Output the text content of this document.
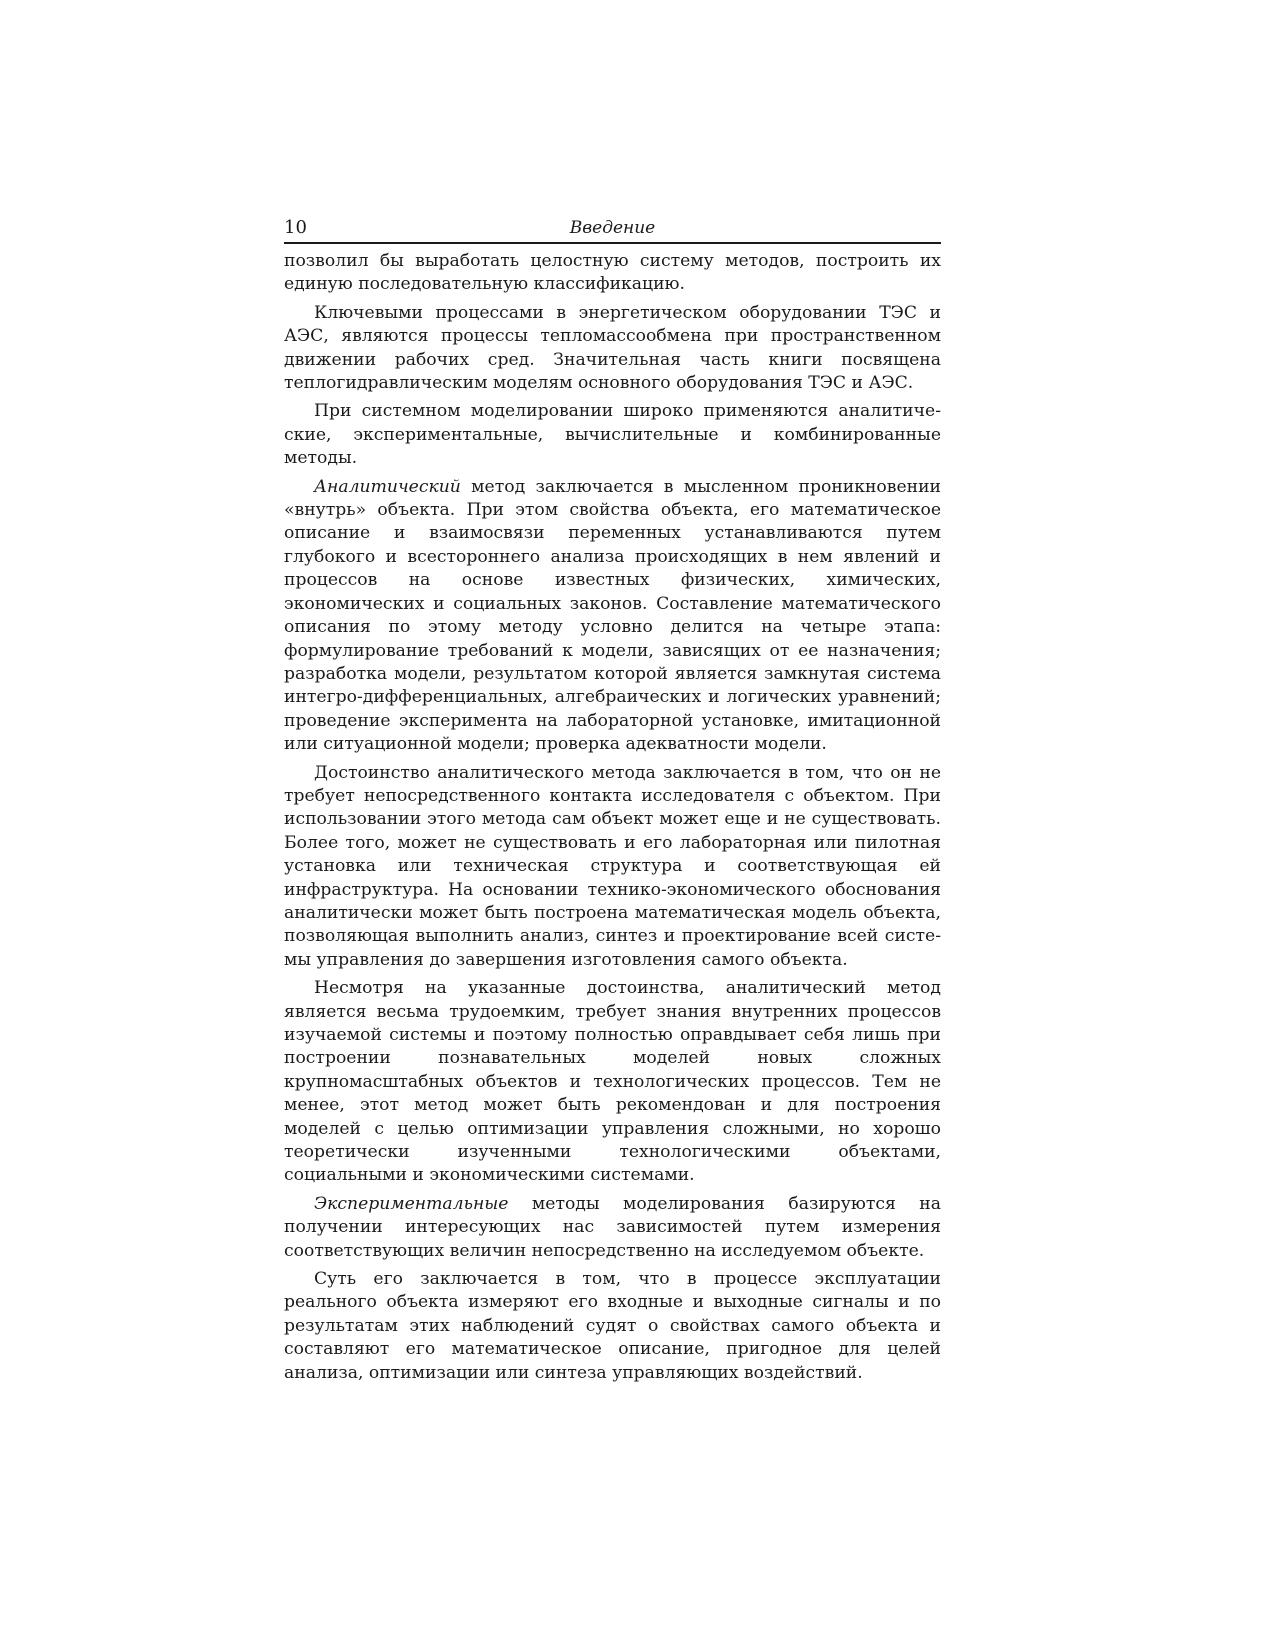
10	Введение

позволил бы выработать целостную систему методов, построить их единую последовательную классификацию.

Ключевыми процессами в энергетическом оборудовании ТЭС и АЭС, являются процессы тепломассообмена при пространственном движении рабочих сред. Значительная часть книги посвящена теплогидравлическим моделям основного оборудования ТЭС и АЭС.

При системном моделировании широко применяются аналитические, экспериментальные, вычислительные и комбинированные методы.

Аналитический метод заключается в мысленном проникновении «внутрь» объекта. При этом свойства объекта, его математическое описание и взаимосвязи переменных устанавливаются путем глубокого и всестороннего анализа происходящих в нем явлений и процессов на основе известных физических, химических, экономических и социальных законов. Составление математического описания по этому методу условно делится на четыре этапа: формулирование требований к модели, зависящих от ее назначения; разработка модели, результатом которой является замкнутая система интегро-дифференциальных, алгебраических и логических уравнений; проведение эксперимента на лабораторной установке, имитационной или ситуационной модели; проверка адекватности модели.

Достоинство аналитического метода заключается в том, что он не требует непосредственного контакта исследователя с объектом. При использовании этого метода сам объект может еще и не существовать. Более того, может не существовать и его лабораторная или пилотная установка или техническая структура и соответствующая ей инфраструктура. На основании технико-экономического обоснования аналитически может быть построена математическая модель объекта, позволяющая выполнить анализ, синтез и проектирование всей системы управления до завершения изготовления самого объекта.

Несмотря на указанные достоинства, аналитический метод является весьма трудоемким, требует знания внутренних процессов изучаемой системы и поэтому полностью оправдывает себя лишь при построении познавательных моделей новых сложных крупномасштабных объектов и технологических процессов. Тем не менее, этот метод может быть рекомендован и для построения моделей с целью оптимизации управления сложными, но хорошо теоретически изученными технологическими объектами, социальными и экономическими системами.

Экспериментальные методы моделирования базируются на получении интересующих нас зависимостей путем измерения соответствующих величин непосредственно на исследуемом объекте.

Суть его заключается в том, что в процессе эксплуатации реального объекта измеряют его входные и выходные сигналы и по результатам этих наблюдений судят о свойствах самого объекта и составляют его математическое описание, пригодное для целей анализа, оптимизации или синтеза управляющих воздействий.
